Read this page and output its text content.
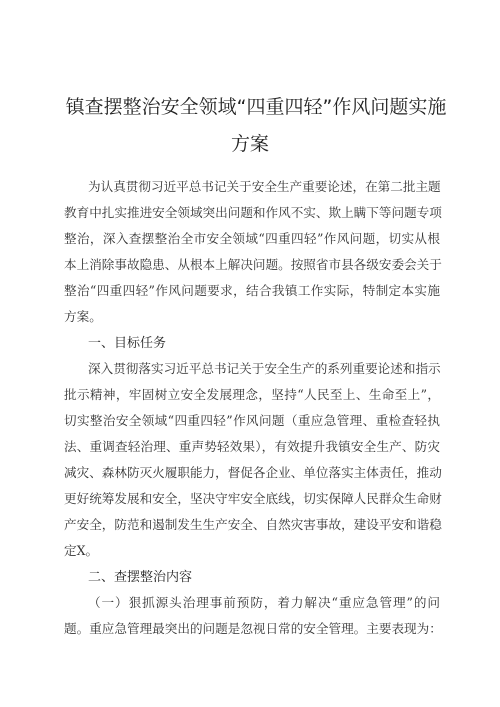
镇查摆整治安全领域“四重四轻”作风问题实施
方案
为认真贯彻习近平总书记关于安全生产重要论述，在第二批主题
教育中扎实推进安全领域突出问题和作风不实、欺上瞒下等问题专项
整治，深入查摆整治全市安全领域“四重四轻”作风问题，切实从根
本上消除事故隐患、从根本上解决问题。按照省市县各级安委会关于
整治“四重四轻”作风问题要求，结合我镇工作实际，特制定本实施
方案。
一、目标任务
深入贯彻落实习近平总书记关于安全生产的系列重要论述和指示
批示精神，牢固树立安全发展理念，坚持“人民至上、生命至上”，
切实整治安全领域“四重四轻”作风问题（重应急管理、重检查轻执
法、重调查轻治理、重声势轻效果），有效提升我镇安全生产、防灾
减灾、森林防灭火履职能力，督促各企业、单位落实主体责任，推动
更好统筹发展和安全，坚决守牢安全底线，切实保障人民群众生命财
产安全，防范和遏制发生生产安全、自然灾害事故，建设平安和谐稳
定X。
二、查摆整治内容
（一）狠抓源头治理事前预防，着力解决“重应急管理”的问
题。重应急管理最突出的问题是忽视日常的安全管理。主要表现为：
